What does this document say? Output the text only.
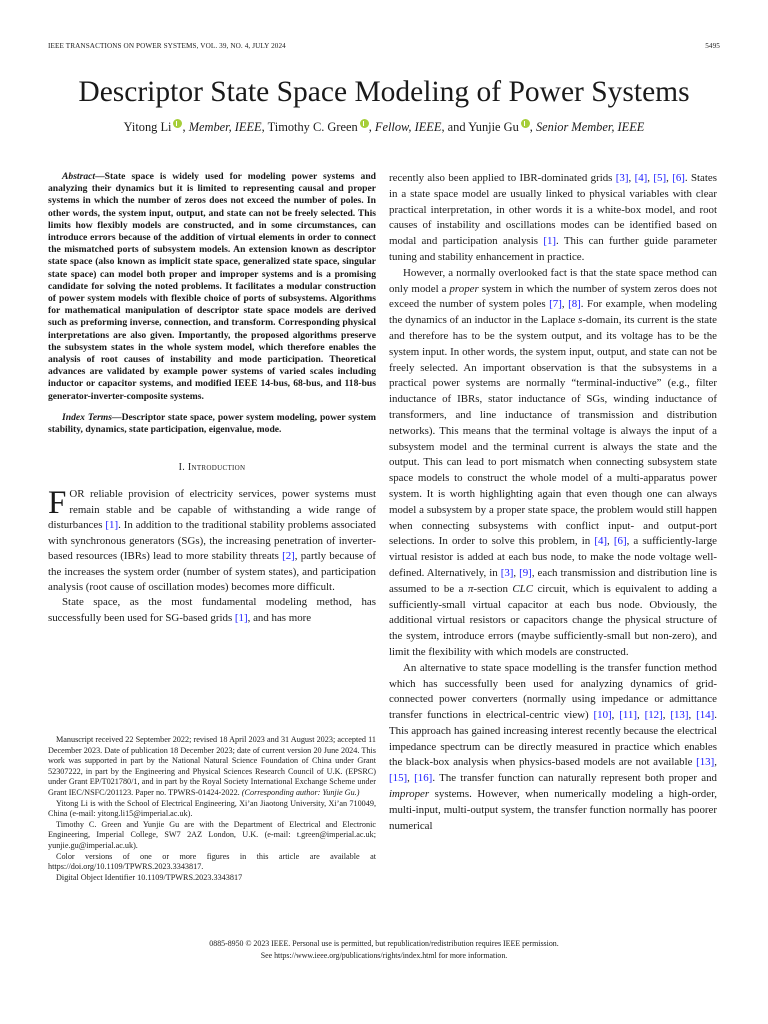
IEEE TRANSACTIONS ON POWER SYSTEMS, VOL. 39, NO. 4, JULY 2024	5495
Descriptor State Space Modeling of Power Systems
Yitong Li , Member, IEEE, Timothy C. Green , Fellow, IEEE, and Yunjie Gu , Senior Member, IEEE

Abstract—State space is widely used for modeling power systems and analyzing their dynamics but it is limited to representing causal and proper systems in which the number of zeros does not exceed the number of poles. In other words, the system input, output, and state can not be freely selected. This limits how flexibly models are constructed, and in some circumstances, can introduce errors because of the addition of virtual elements in order to connect the mismatched ports of subsystem models. An extension known as descriptor state space (also known as implicit state space, generalized state space, singular state space) can model both proper and improper systems and is a promising candidate for solving the noted problems. It facilitates a modular construction of power system models with flexible choice of ports of subsystems. Algorithms for mathematical manipulation of descriptor state space models are derived such as preforming inverse, connection, and transform. Corresponding physical interpretations are also given. Importantly, the proposed algorithms preserve the subsystem states in the whole system model, which therefore enables the analysis of root causes of instability and mode participation. Theoretical advances are validated by example power systems of varied scales including inductor or capacitor systems, and modified IEEE 14-bus, 68-bus, and 118-bus generator-inverter-composite systems.

Index Terms—Descriptor state space, power system modeling, power system stability, dynamics, state participation, eigenvalue, mode.

I. Introduction

FOR reliable provision of electricity services, power systems must remain stable and be capable of withstanding a wide range of disturbances [1]. In addition to the traditional stability problems associated with synchronous generators (SGs), the increasing penetration of inverter-based resources (IBRs) lead to more stability threats [2], partly because of the increases the system order (number of system states), and participation analysis (root cause of oscillation modes) becomes more difficult.

State space, as the most fundamental modeling method, has successfully been used for SG-based grids [1], and has more

Manuscript received 22 September 2022; revised 18 April 2023 and 31 August 2023; accepted 11 December 2023. Date of publication 18 December 2023; date of current version 20 June 2024. This work was supported in part by the National Natural Science Foundation of China under Grant 52307222, in part by the Engineering and Physical Sciences Research Council of U.K. (EPSRC) under Grant EP/T021780/1, and in part by the Royal Society International Exchange Scheme under Grant IEC/NSFC/201123. Paper no. TPWRS-01424-2022. (Corresponding author: Yunjie Gu.)

Yitong Li is with the School of Electrical Engineering, Xi’an Jiaotong University, Xi’an 710049, China (e-mail: yitong.li15@imperial.ac.uk).

Timothy C. Green and Yunjie Gu are with the Department of Electrical and Electronic Engineering, Imperial College, SW7 2AZ London, U.K. (e-mail: t.green@imperial.ac.uk; yunjie.gu@imperial.ac.uk).

Color versions of one or more figures in this article are available at https://doi.org/10.1109/TPWRS.2023.3343817.

Digital Object Identifier 10.1109/TPWRS.2023.3343817

recently also been applied to IBR-dominated grids [3], [4], [5], [6]. States in a state space model are usually linked to physical variables with clear practical interpretation, in other words it is a white-box model, and root causes of instability and oscillations modes can be identified based on modal and participation analysis [1]. This can further guide parameter tuning and stability enhancement in practice.

However, a normally overlooked fact is that the state space method can only model a proper system in which the number of system zeros does not exceed the number of system poles [7], [8]. For example, when modeling the dynamics of an inductor in the Laplace s-domain, its current is the state and therefore has to be the system output, and its voltage has to be the system input. In other words, the system input, output, and state can not be freely selected. An important observation is that the subsystems in a practical power systems are normally “terminal-inductive” (e.g., filter inductance of IBRs, stator inductance of SGs, winding inductance of transformers, and line inductance of transmission and distribution networks). This means that the terminal voltage is always the input of a subsystem model and the terminal current is always the state and the output. This can lead to port mismatch when connecting subsystem state space models to construct the whole model of a multi-apparatus power system. It is worth highlighting again that even though one can always model a subsystem by a proper state space, the problem would still happen when connecting subsystems with conflict input- and output-port selections. In order to solve this problem, in [4], [6], a sufficiently-large virtual resistor is added at each bus node, to make the node voltage well-defined. Alternatively, in [3], [9], each transmission and distribution line is assumed to be a π-section CLC circuit, which is equivalent to adding a sufficiently-small virtual capacitor at each bus node. Obviously, the additional virtual resistors or capacitors change the physical structure of the system, introduce errors (maybe sufficiently-small but non-zero), and limit the flexibility with which models are constructed.

An alternative to state space modelling is the transfer function method which has successfully been used for analyzing dynamics of grid-connected power converters (normally using impedance or admittance transfer functions in electrical-centric view) [10], [11], [12], [13], [14]. This approach has gained increasing interest recently because the electrical impedance spectrum can be directly measured in practice which enables the black-box analysis when physics-based models are not available [13], [15], [16]. The transfer function can naturally represent both proper and improper systems. However, when numerically modeling a high-order, multi-input, multi-output system, the transfer function normally has poorer numerical

0885-8950 © 2023 IEEE. Personal use is permitted, but republication/redistribution requires IEEE permission.
See https://www.ieee.org/publications/rights/index.html for more information.
